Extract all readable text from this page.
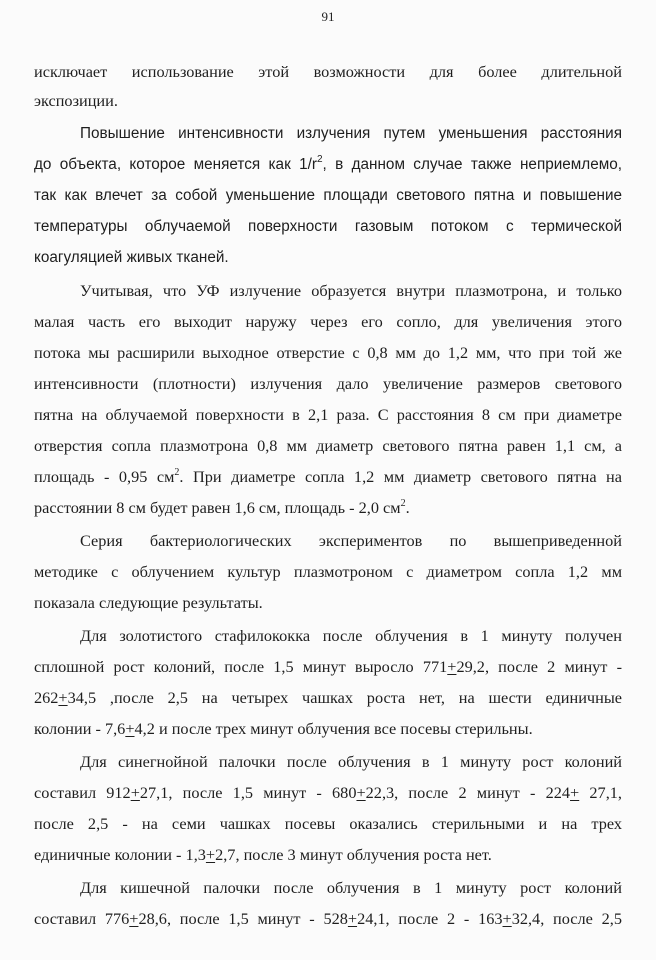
91
исключает использование этой возможности для более длительной
экспозиции.
Повышение интенсивности излучения путем уменьшения расстояния
до объекта, которое меняется как $1/r^2$, в данном случае также неприемлемо,
так как влечет за собой уменьшение площади светового пятна и повышение
температуры облучаемой поверхности газовым потоком с термической
коагуляцией живых тканей.
Учитывая, что УФ излучение образуется внутри плазмотрона, и только
малая часть его выходит наружу через его сопло, для увеличения этого
потока мы расширили выходное отверстие с 0,8 мм до 1,2 мм, что при той же
интенсивности (плотности) излучения дало увеличение размеров светового
пятна на облучаемой поверхности в 2,1 раза. С расстояния 8 см при диаметре
отверстия сопла плазмотрона 0,8 мм диаметр светового пятна равен 1,1 см, а
площадь - 0,95 $см^2$. При диаметре сопла 1,2 мм диаметр светового пятна на
расстоянии 8 см будет равен 1,6 см, площадь - 2,0 $см^2$.
Серия бактериологических экспериментов по вышеприведенной
методике с облучением культур плазмотроном с диаметром сопла 1,2 мм
показала следующие результаты.
Для золотистого стафилококка после облучения в 1 минуту получен
сплошной рост колоний, после 1,5 минут выросло 771+29,2, после 2 минут -
262+34,5 ,после 2,5 на четырех чашках роста нет, на шести единичные
колонии - 7,6+4,2 и после трех минут облучения все посевы стерильны.
Для синегнойной палочки после облучения в 1 минуту рост колоний
составил 912+27,1, после 1,5 минут - 680+22,3, после 2 минут - 224+ 27,1,
после 2,5 - на семи чашках посевы оказались стерильными и на трех
единичные колонии - 1,3+2,7, после 3 минут облучения роста нет.
Для кишечной палочки после облучения в 1 минуту рост колоний
составил 776+28,6, после 1,5 минут - 528+24,1, после 2 - 163+32,4, после 2,5
